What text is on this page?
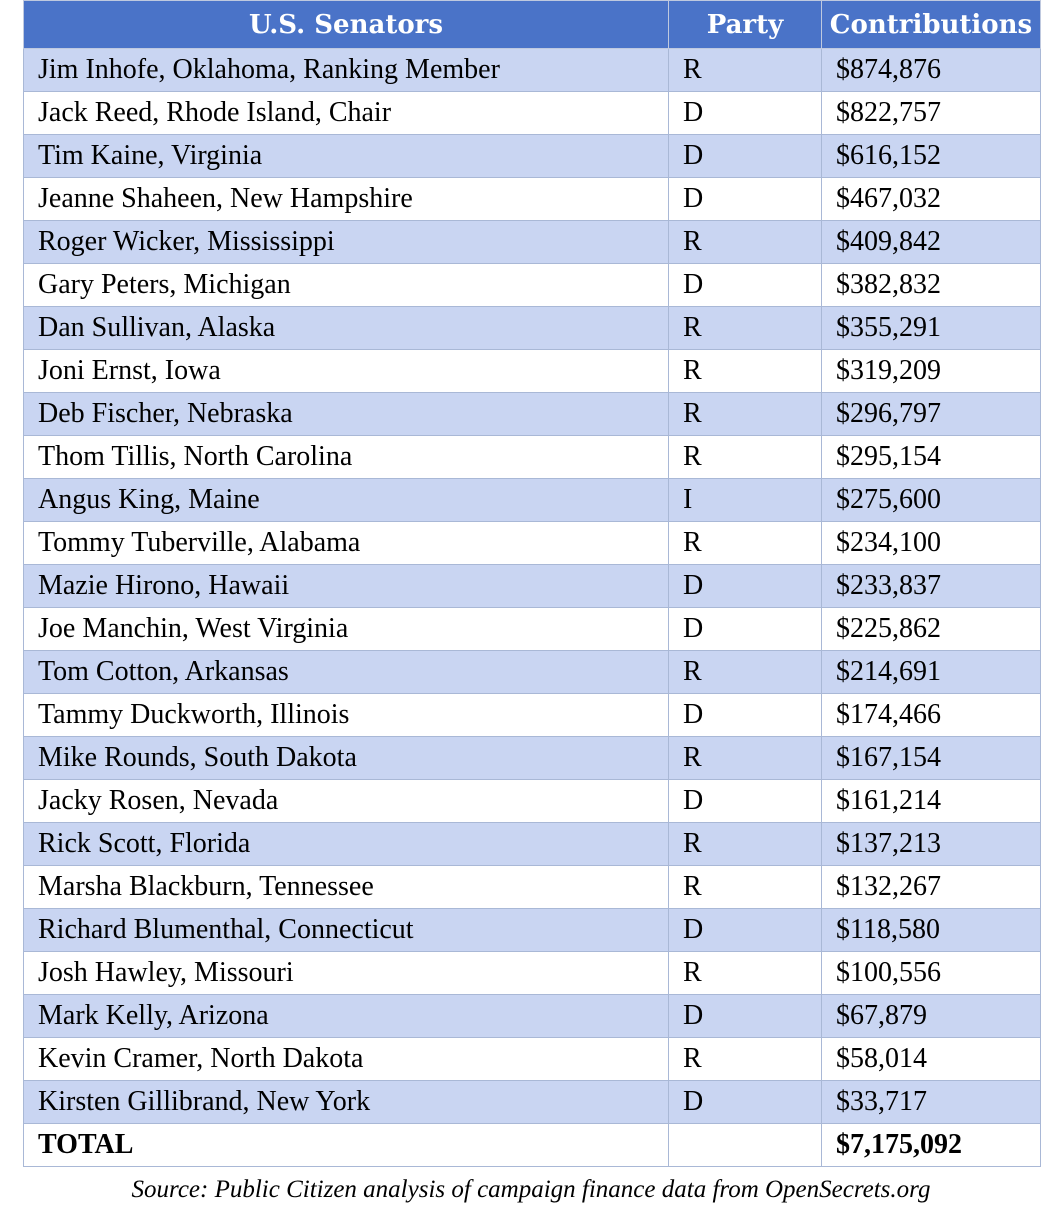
U.S. Senators	Party	Contributions
Jim Inhofe, Oklahoma, Ranking Member	R	$874,876
Jack Reed, Rhode Island, Chair	D	$822,757
Tim Kaine, Virginia	D	$616,152
Jeanne Shaheen, New Hampshire	D	$467,032
Roger Wicker, Mississippi	R	$409,842
Gary Peters, Michigan	D	$382,832
Dan Sullivan, Alaska	R	$355,291
Joni Ernst, Iowa	R	$319,209
Deb Fischer, Nebraska	R	$296,797
Thom Tillis, North Carolina	R	$295,154
Angus King, Maine	I	$275,600
Tommy Tuberville, Alabama	R	$234,100
Mazie Hirono, Hawaii	D	$233,837
Joe Manchin, West Virginia	D	$225,862
Tom Cotton, Arkansas	R	$214,691
Tammy Duckworth, Illinois	D	$174,466
Mike Rounds, South Dakota	R	$167,154
Jacky Rosen, Nevada	D	$161,214
Rick Scott, Florida	R	$137,213
Marsha Blackburn, Tennessee	R	$132,267
Richard Blumenthal, Connecticut	D	$118,580
Josh Hawley, Missouri	R	$100,556
Mark Kelly, Arizona	D	$67,879
Kevin Cramer, North Dakota	R	$58,014
Kirsten Gillibrand, New York	D	$33,717
TOTAL		$7,175,092
Source: Public Citizen analysis of campaign finance data from OpenSecrets.org
